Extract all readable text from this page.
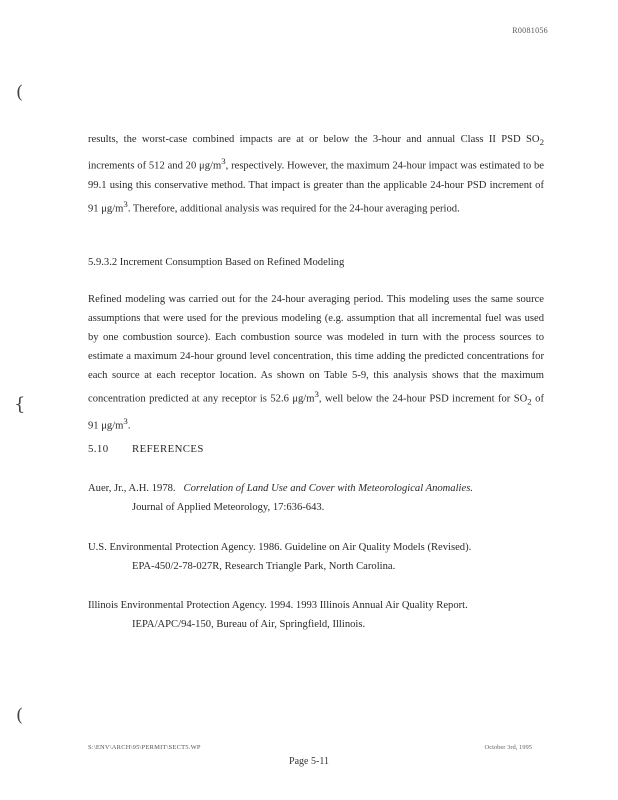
R0081056
(
{
(

results, the worst-case combined impacts are at or below the 3-hour and annual Class II PSD $SO_2$ increments of 512 and 20 $\mu g/m^3$, respectively. However, the maximum 24-hour impact was estimated to be 99.1 using this conservative method. That impact is greater than the applicable 24-hour PSD increment of 91 $\mu g/m^3$. Therefore, additional analysis was required for the 24-hour averaging period.

5.9.3.2 Increment Consumption Based on Refined Modeling

Refined modeling was carried out for the 24-hour averaging period. This modeling uses the same source assumptions that were used for the previous modeling (e.g. assumption that all incremental fuel was used by one combustion source). Each combustion source was modeled in turn with the process sources to estimate a maximum 24-hour ground level concentration, this time adding the predicted concentrations for each source at each receptor location. As shown on Table 5-9, this analysis shows that the maximum concentration predicted at any receptor is 52.6 $\mu g/m^3$, well below the 24-hour PSD increment for $SO_2$ of 91 $\mu g/m^3$.

5.10 REFERENCES

Auer, Jr., A.H. 1978. Correlation of Land Use and Cover with Meteorological Anomalies.
Journal of Applied Meteorology, 17:636-643.

U.S. Environmental Protection Agency. 1986. Guideline on Air Quality Models (Revised).
EPA-450/2-78-027R, Research Triangle Park, North Carolina.

Illinois Environmental Protection Agency. 1994. 1993 Illinois Annual Air Quality Report.
IEPA/APC/94-150, Bureau of Air, Springfield, Illinois.

S:\ENV\ARCH\95\PERMIT\SECT5.WP	October 3rd, 1995
Page 5-11
